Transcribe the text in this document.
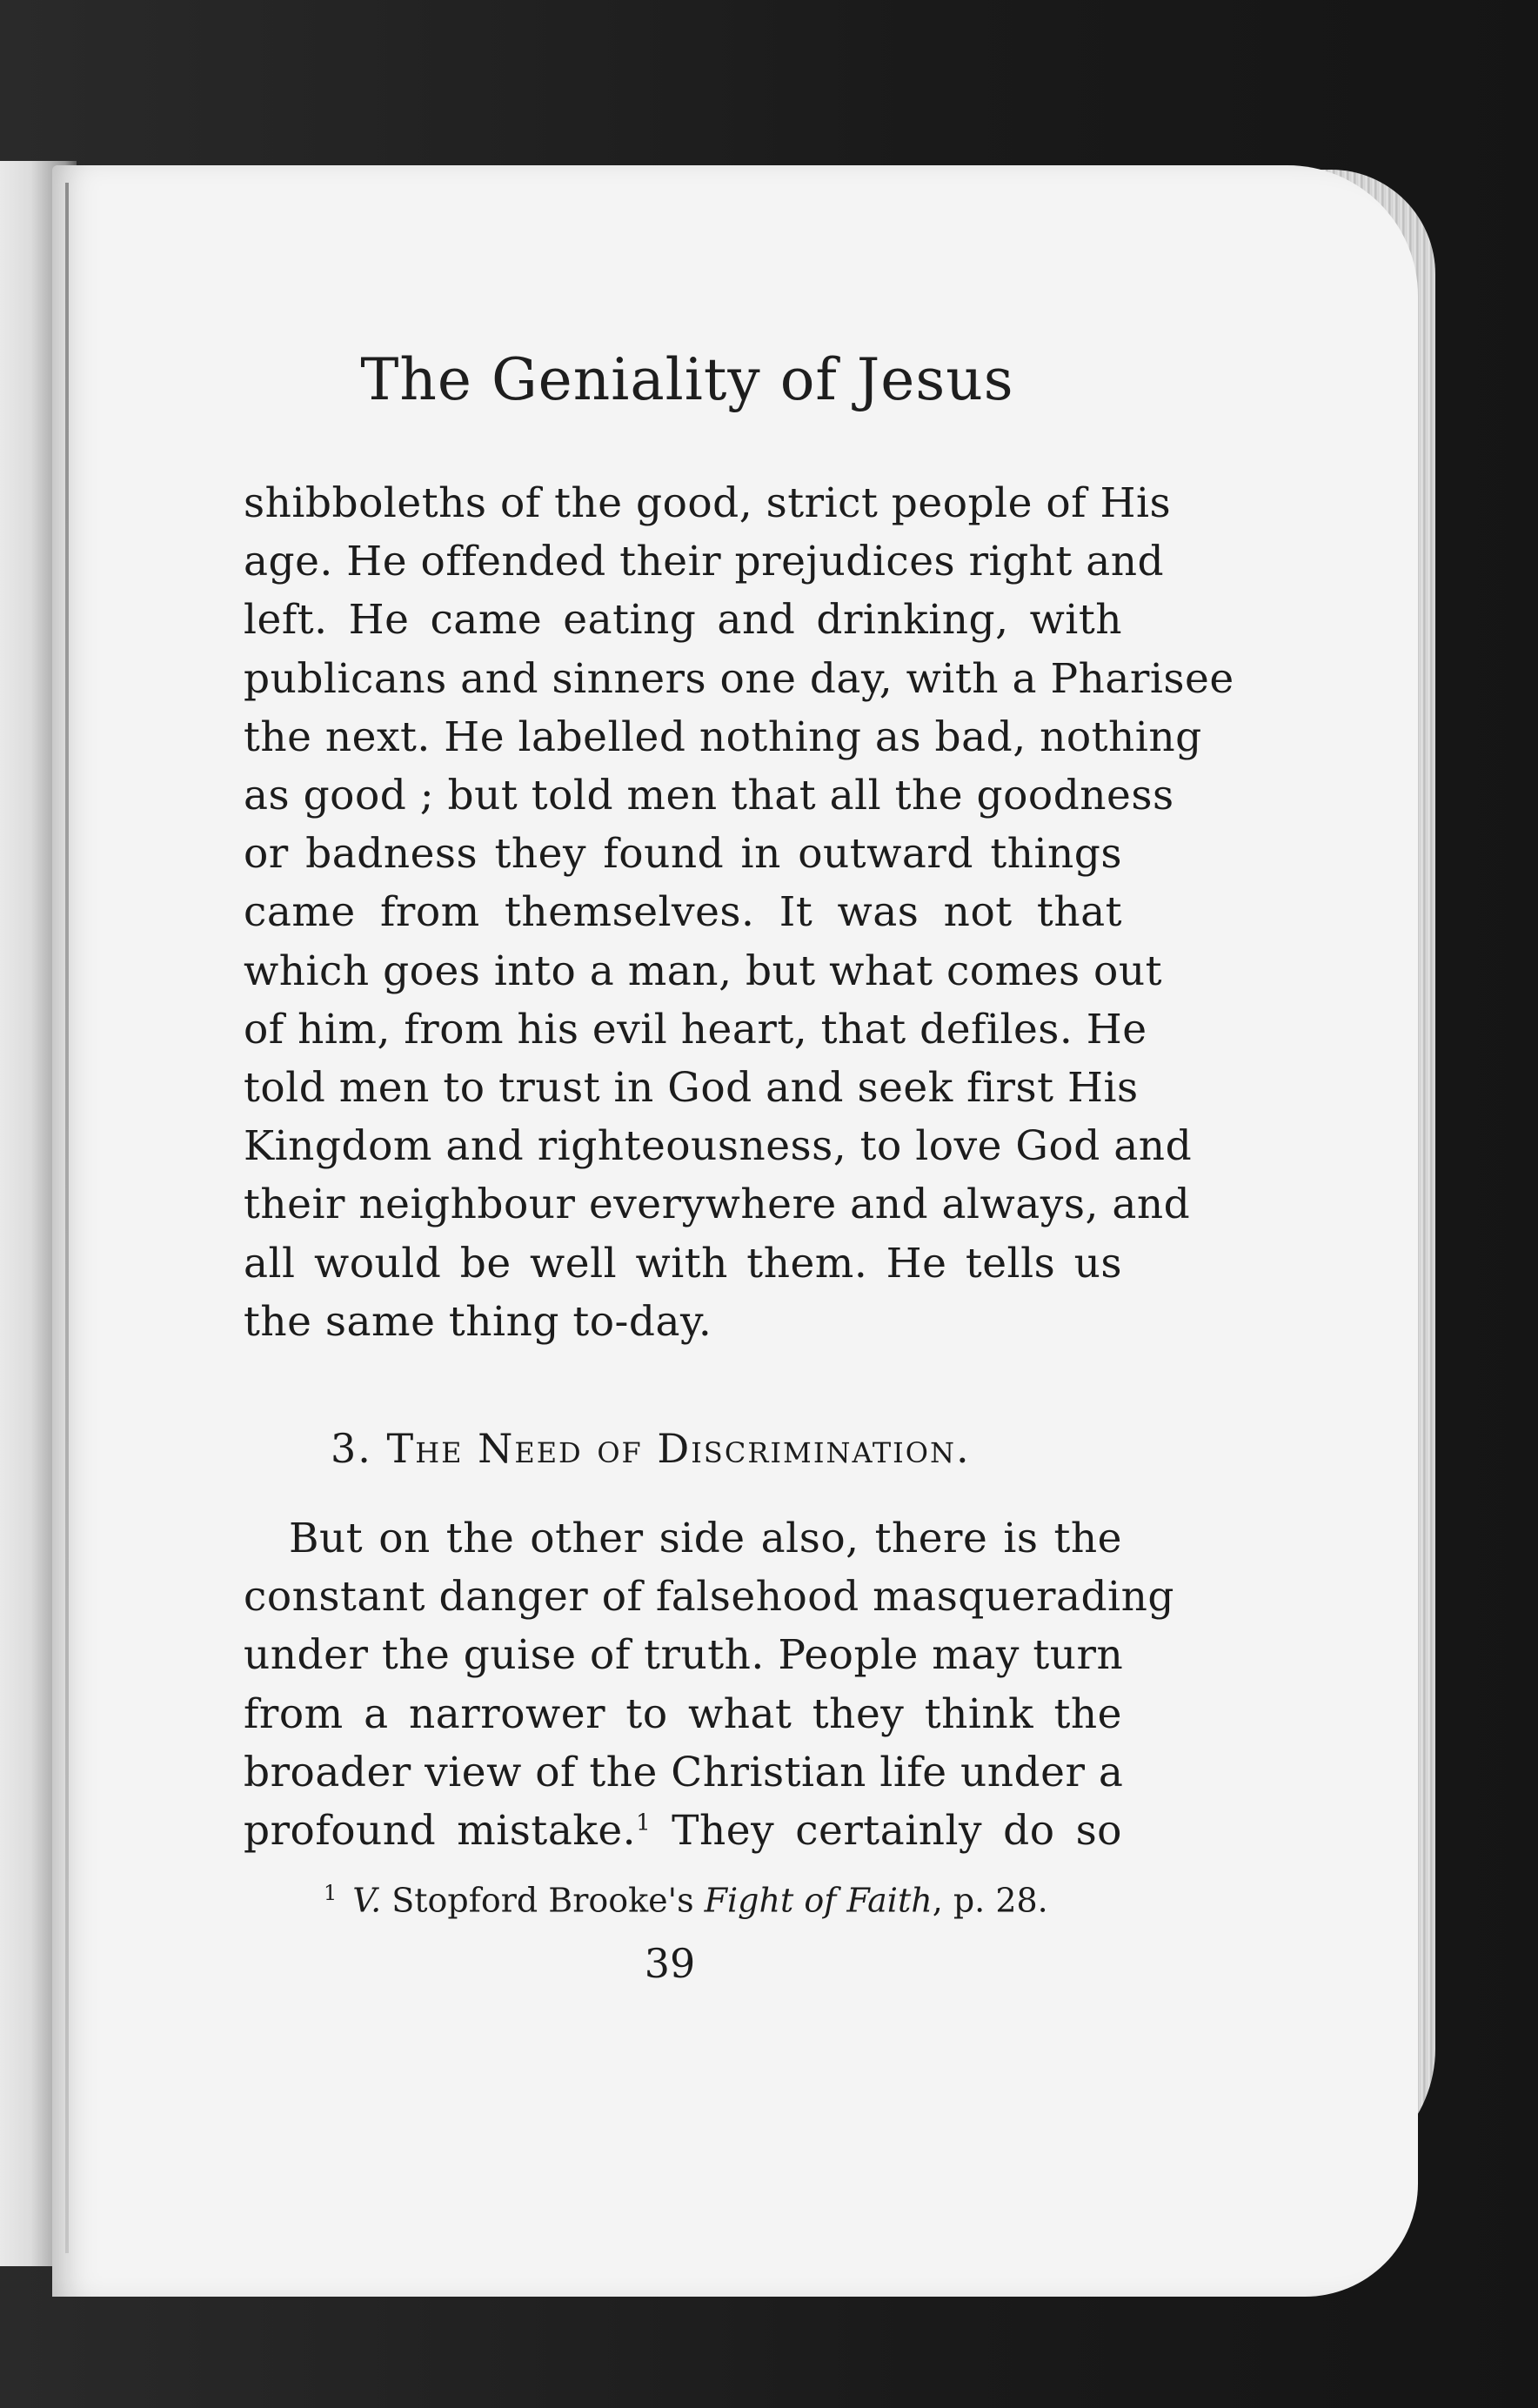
The Geniality of Jesus
shibboleths of the good, strict people of His
age. He offended their prejudices right and
left. He came eating and drinking, with
publicans and sinners one day, with a Pharisee
the next. He labelled nothing as bad, nothing
as good ; but told men that all the goodness
or badness they found in outward things
came from themselves. It was not that
which goes into a man, but what comes out
of him, from his evil heart, that defiles. He
told men to trust in God and seek first His
Kingdom and righteousness, to love God and
their neighbour everywhere and always, and
all would be well with them. He tells us
the same thing to-day.
3. The Need of Discrimination.
But on the other side also, there is the
constant danger of falsehood masquerading
under the guise of truth. People may turn
from a narrower to what they think the
broader view of the Christian life under a
profound mistake.$^1$ They certainly do so
$^1$ V. Stopford Brooke's Fight of Faith, p. 28.
39
